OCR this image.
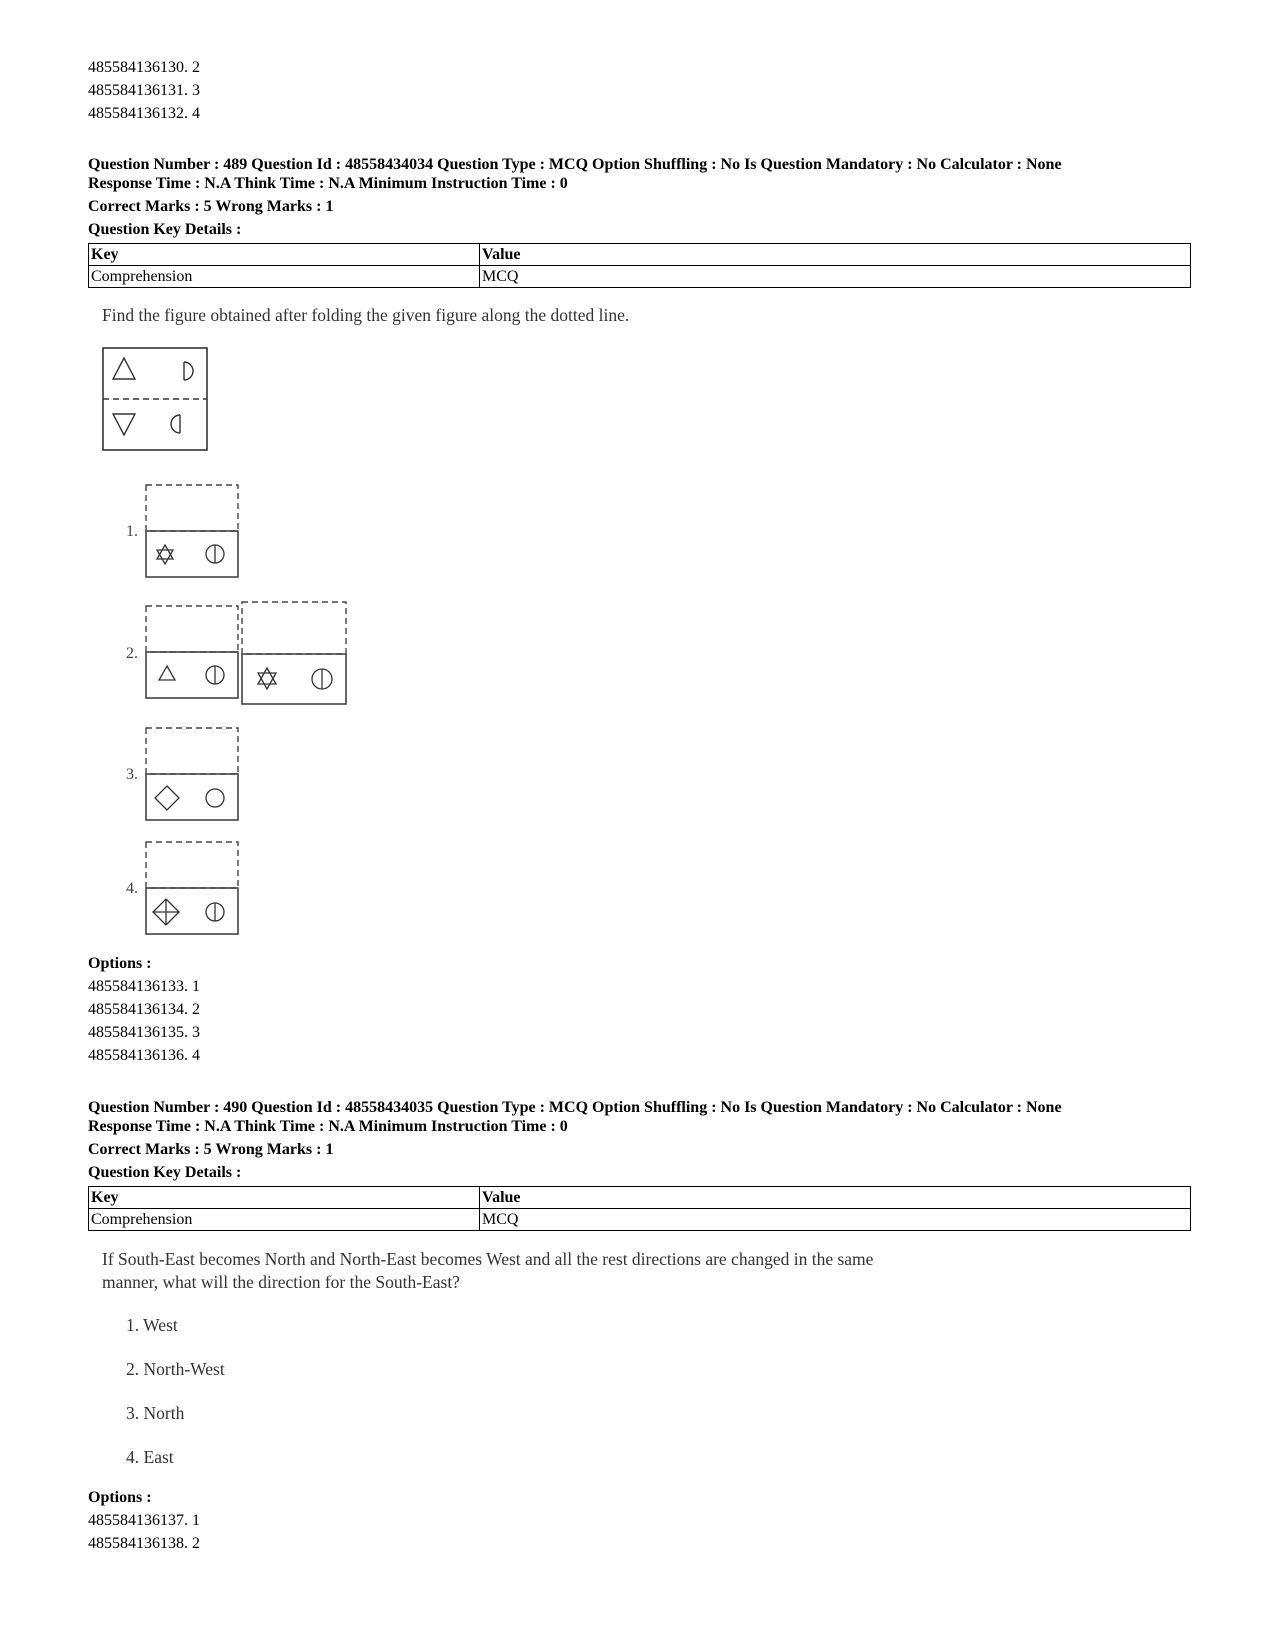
485584136130. 2
485584136131. 3
485584136132. 4
Question Number : 489 Question Id : 48558434034 Question Type : MCQ Option Shuffling : No Is Question Mandatory : No Calculator : None
Response Time : N.A Think Time : N.A Minimum Instruction Time : 0
Correct Marks : 5 Wrong Marks : 1
Question Key Details :
Key	Value
Comprehension	MCQ
Find the figure obtained after folding the given figure along the dotted line.
1.
2.
3.
4.
Options :
485584136133. 1
485584136134. 2
485584136135. 3
485584136136. 4
Question Number : 490 Question Id : 48558434035 Question Type : MCQ Option Shuffling : No Is Question Mandatory : No Calculator : None
Response Time : N.A Think Time : N.A Minimum Instruction Time : 0
Correct Marks : 5 Wrong Marks : 1
Question Key Details :
Key	Value
Comprehension	MCQ
If South-East becomes North and North-East becomes West and all the rest directions are changed in the same
manner, what will the direction for the South-East?
1. West
2. North-West
3. North
4. East
Options :
485584136137. 1
485584136138. 2
